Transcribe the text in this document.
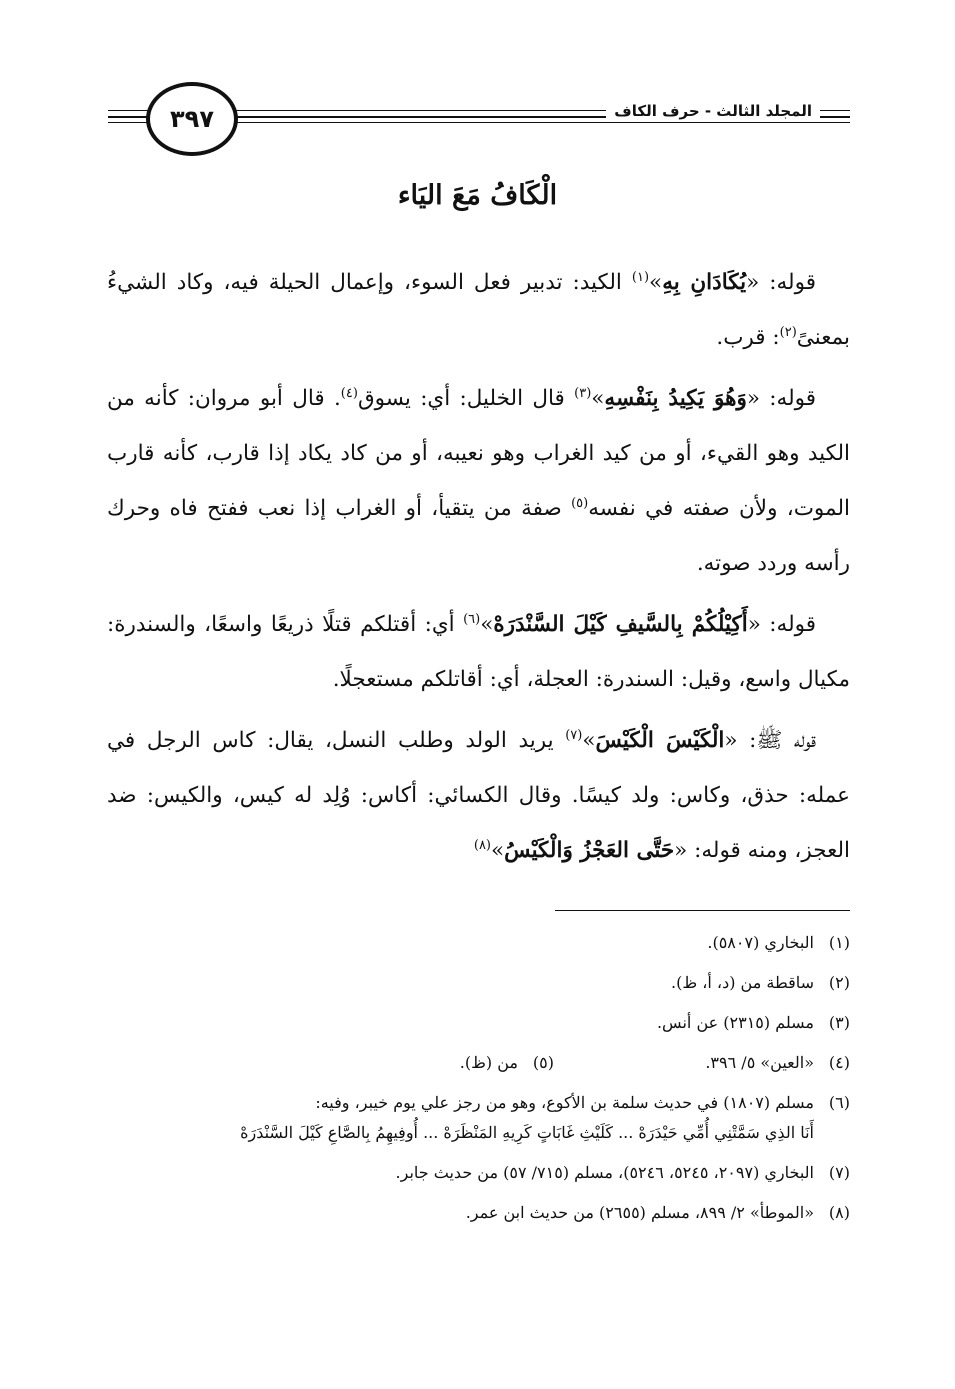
المجلد الثالث - حرف الكاف
٣٩٧
الْكَافُ مَعَ اليَاء

قوله: «يُكَادَانِ بِهِ»$^{(١)}$ الكيد: تدبير فعل السوء، وإعمال الحيلة فيه، وكاد الشيءُ بمعنىً$^{(٢)}$: قرب.

قوله: «وَهُوَ يَكِيدُ بِنَفْسِهِ»$^{(٣)}$ قال الخليل: أي: يسوق$^{(٤)}$. قال أبو مروان: كأنه من الكيد وهو القيء، أو من كيد الغراب وهو نعيبه، أو من كاد يكاد إذا قارب، كأنه قارب الموت، ولأن صفته في نفسه$^{(٥)}$ صفة من يتقيأ، أو الغراب إذا نعب ففتح فاه وحرك رأسه وردد صوته.

قوله: «أَكِيْلُكُمْ بِالسَّيفِ كَيْلَ السَّنْدَرَهْ»$^{(٦)}$ أي: أقتلكم قتلًا ذريعًا واسعًا، والسندرة: مكيال واسع، وقيل: السندرة: العجلة، أي: أقاتلكم مستعجلًا.

قوله ﷺ: «الْكَيْسَ الْكَيْسَ»$^{(٧)}$ يريد الولد وطلب النسل، يقال: كاس الرجل في عمله: حذق، وكاس: ولد كيسًا. وقال الكسائي: أكاس: وُلِد له كيس، والكيس: ضد العجز، ومنه قوله: «حَتَّى العَجْزُ وَالْكَيْسُ»$^{(٨)}$

(١)
البخاري (٥٨٠٧).
(٢)
ساقطة من (د، أ، ظ).
(٣)
مسلم (٢٣١٥) عن أنس.
(٤)
«العين» ٥/ ٣٩٦.
(٥)
من (ظ).
(٦)
مسلم (١٨٠٧) في حديث سلمة بن الأكوع، وهو من رجز علي يوم خيبر، وفيه:
أَنَا الذِي سَمَّتْنِي أُمِّي حَيْدَرَهْ ... كَلَيْثِ غَابَاتٍ كَرِيهِ المَنْظَرَهْ ... أُوفِيهِمُ بِالصَّاعِ كَيْلَ السَّنْدَرَهْ
(٧)
البخاري (٢٠٩٧، ٥٢٤٥، ٥٢٤٦)، مسلم (٧١٥/ ٥٧) من حديث جابر.
(٨)
«الموطأ» ٢/ ٨٩٩، مسلم (٢٦٥٥) من حديث ابن عمر.
